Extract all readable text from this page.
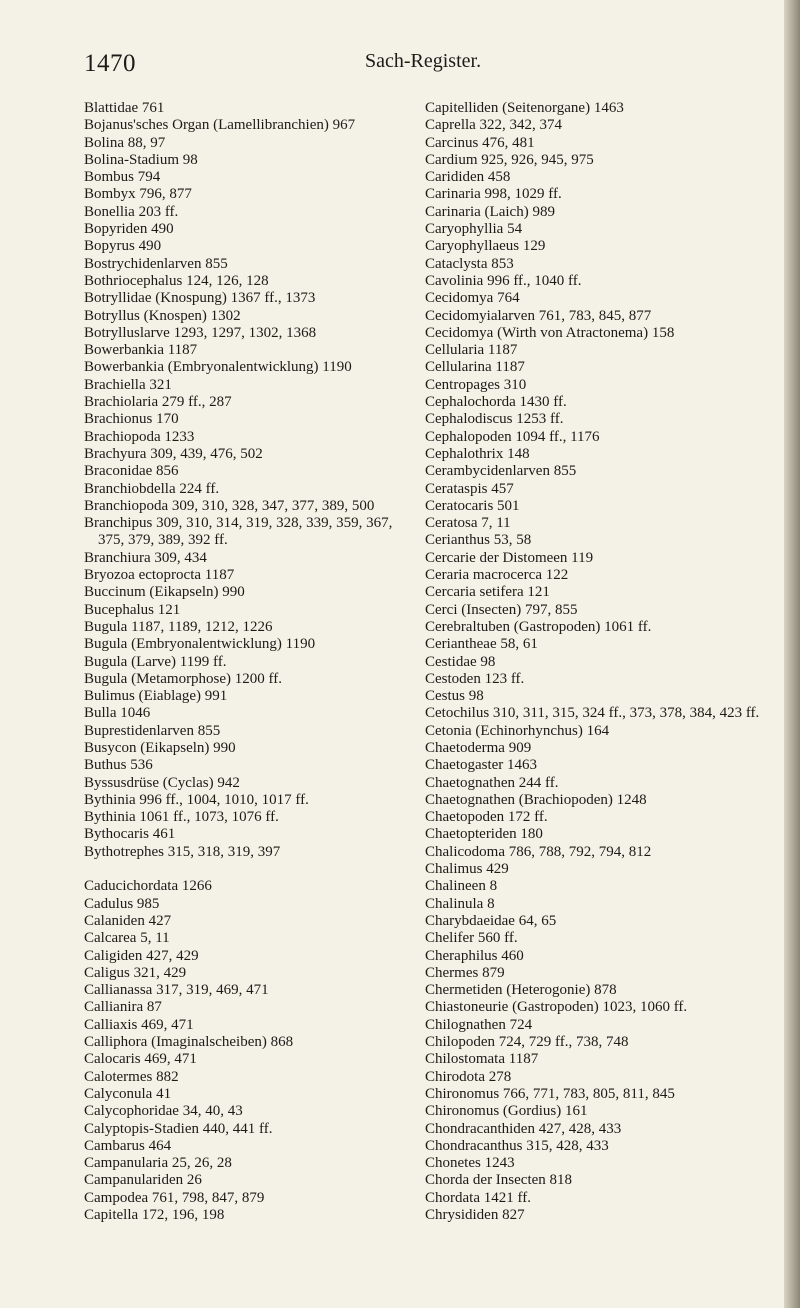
1470	Sach-Register.
Blattidae 761
Bojanus'sches Organ (Lamellibranchien) 967
Bolina 88, 97
Bolina-Stadium 98
Bombus 794
Bombyx 796, 877
Bonellia 203 ff.
Bopyriden 490
Bopyrus 490
Bostrychidenlarven 855
Bothriocephalus 124, 126, 128
Botryllidae (Knospung) 1367 ff., 1373
Botryllus (Knospen) 1302
Botrylluslarve 1293, 1297, 1302, 1368
Bowerbankia 1187
Bowerbankia (Embryonalentwicklung) 1190
Brachiella 321
Brachiolaria 279 ff., 287
Brachionus 170
Brachiopoda 1233
Brachyura 309, 439, 476, 502
Braconidae 856
Branchiobdella 224 ff.
Branchiopoda 309, 310, 328, 347, 377, 389, 500
Branchipus 309, 310, 314, 319, 328, 339, 359, 367, 375, 379, 389, 392 ff.
Branchiura 309, 434
Bryozoa ectoprocta 1187
Buccinum (Eikapseln) 990
Bucephalus 121
Bugula 1187, 1189, 1212, 1226
Bugula (Embryonalentwicklung) 1190
Bugula (Larve) 1199 ff.
Bugula (Metamorphose) 1200 ff.
Bulimus (Eiablage) 991
Bulla 1046
Buprestidenlarven 855
Busycon (Eikapseln) 990
Buthus 536
Byssusdrüse (Cyclas) 942
Bythinia 996 ff., 1004, 1010, 1017 ff.
Bythinia 1061 ff., 1073, 1076 ff.
Bythocaris 461
Bythotrephes 315, 318, 319, 397
Caducichordata 1266
Cadulus 985
Calaniden 427
Calcarea 5, 11
Caligiden 427, 429
Caligus 321, 429
Callianassa 317, 319, 469, 471
Callianira 87
Calliaxis 469, 471
Calliphora (Imaginalscheiben) 868
Calocaris 469, 471
Calotermes 882
Calyconula 41
Calycophoridae 34, 40, 43
Calyptopis-Stadien 440, 441 ff.
Cambarus 464
Campanularia 25, 26, 28
Campanulariden 26
Campodea 761, 798, 847, 879
Capitella 172, 196, 198
Capitelliden (Seitenorgane) 1463
Caprella 322, 342, 374
Carcinus 476, 481
Cardium 925, 926, 945, 975
Carididen 458
Carinaria 998, 1029 ff.
Carinaria (Laich) 989
Caryophyllia 54
Caryophyllaeus 129
Cataclysta 853
Cavolinia 996 ff., 1040 ff.
Cecidomya 764
Cecidomyialarven 761, 783, 845, 877
Cecidomya (Wirth von Atractonema) 158
Cellularia 1187
Cellularina 1187
Centropages 310
Cephalochorda 1430 ff.
Cephalodiscus 1253 ff.
Cephalopoden 1094 ff., 1176
Cephalothrix 148
Cerambycidenlarven 855
Cerataspis 457
Ceratocaris 501
Ceratosa 7, 11
Cerianthus 53, 58
Cercarie der Distomeen 119
Ceraria macrocerca 122
Cercaria setifera 121
Cerci (Insecten) 797, 855
Cerebraltuben (Gastropoden) 1061 ff.
Ceriantheae 58, 61
Cestidae 98
Cestoden 123 ff.
Cestus 98
Cetochilus 310, 311, 315, 324 ff., 373, 378, 384, 423 ff.
Cetonia (Echinorhynchus) 164
Chaetoderma 909
Chaetogaster 1463
Chaetognathen 244 ff.
Chaetognathen (Brachiopoden) 1248
Chaetopoden 172 ff.
Chaetopteriden 180
Chalicodoma 786, 788, 792, 794, 812
Chalimus 429
Chalineen 8
Chalinula 8
Charybdaeidae 64, 65
Chelifer 560 ff.
Cheraphilus 460
Chermes 879
Chermetiden (Heterogonie) 878
Chiastoneurie (Gastropoden) 1023, 1060 ff.
Chilognathen 724
Chilopoden 724, 729 ff., 738, 748
Chilostomata 1187
Chirodota 278
Chironomus 766, 771, 783, 805, 811, 845
Chironomus (Gordius) 161
Chondracanthiden 427, 428, 433
Chondracanthus 315, 428, 433
Chonetes 1243
Chorda der Insecten 818
Chordata 1421 ff.
Chrysididen 827
